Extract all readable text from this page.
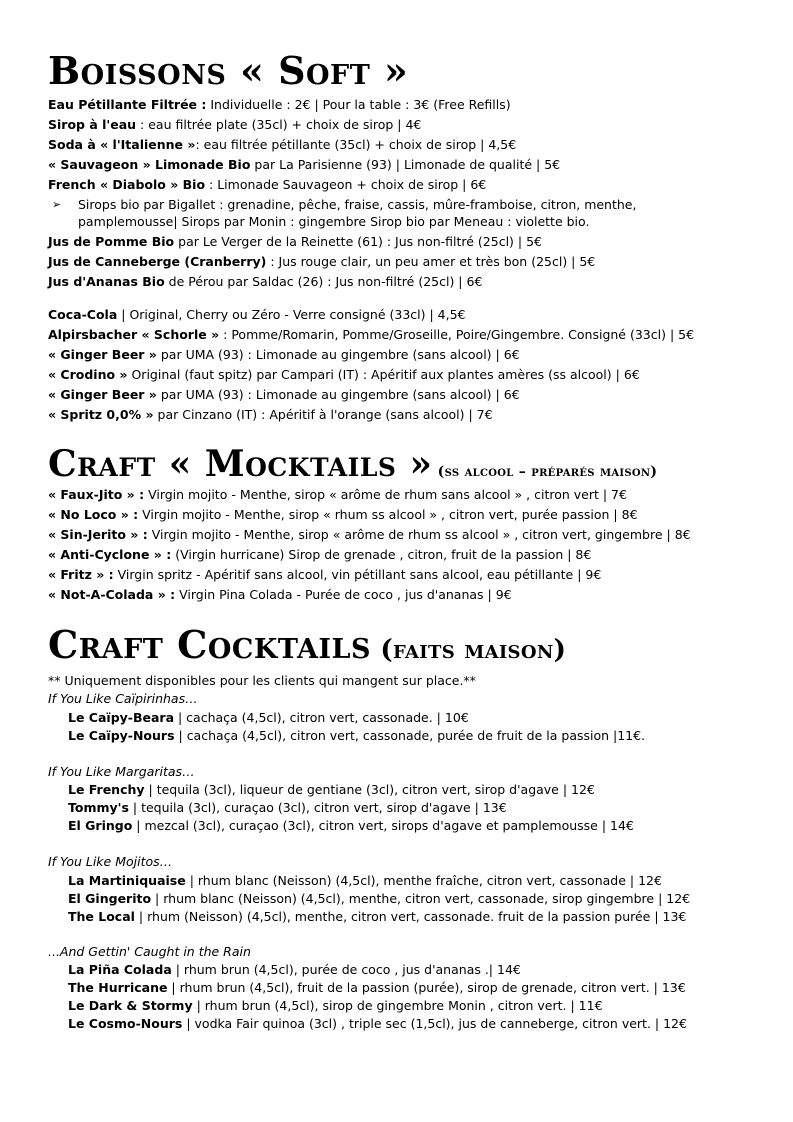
Boissons « Soft »
Eau Pétillante Filtrée : Individuelle : 2€ | Pour la table : 3€ (Free Refills)
Sirop à l'eau : eau filtrée plate (35cl) + choix de sirop | 4€
Soda à « l'Italienne »: eau filtrée pétillante (35cl) + choix de sirop | 4,5€
« Sauvageon » Limonade Bio par La Parisienne (93) | Limonade de qualité | 5€
French « Diabolo » Bio : Limonade Sauvageon + choix de sirop | 6€
➢ Sirops bio par Bigallet : grenadine, pêche, fraise, cassis, mûre-framboise, citron, menthe,
pamplemousse| Sirops par Monin : gingembre Sirop bio par Meneau : violette bio.
Jus de Pomme Bio par Le Verger de la Reinette (61) : Jus non-filtré (25cl) | 5€
Jus de Canneberge (Cranberry) : Jus rouge clair, un peu amer et très bon (25cl) | 5€
Jus d'Ananas Bio de Pérou par Saldac (26) : Jus non-filtré (25cl) | 6€
Coca-Cola | Original, Cherry ou Zéro - Verre consigné (33cl) | 4,5€
Alpirsbacher « Schorle » : Pomme/Romarin, Pomme/Groseille, Poire/Gingembre. Consigné (33cl) | 5€
« Ginger Beer » par UMA (93) : Limonade au gingembre (sans alcool) | 6€
« Crodino » Original (faut spitz) par Campari (IT) : Apéritif aux plantes amères (ss alcool) | 6€
« Ginger Beer » par UMA (93) : Limonade au gingembre (sans alcool) | 6€
« Spritz 0,0% » par Cinzano (IT) : Apéritif à l'orange (sans alcool) | 7€
Craft « Mocktails » (ss alcool – préparés maison)
« Faux-Jito » : Virgin mojito - Menthe, sirop « arôme de rhum sans alcool » , citron vert | 7€
« No Loco » : Virgin mojito - Menthe, sirop « rhum ss alcool » , citron vert, purée passion | 8€
« Sin-Jerito » : Virgin mojito - Menthe, sirop « arôme de rhum ss alcool » , citron vert, gingembre | 8€
« Anti-Cyclone » : (Virgin hurricane) Sirop de grenade , citron, fruit de la passion | 8€
« Fritz » : Virgin spritz - Apéritif sans alcool, vin pétillant sans alcool, eau pétillante | 9€
« Not-A-Colada » : Virgin Pina Colada - Purée de coco , jus d'ananas | 9€
Craft Cocktails (faits maison)
** Uniquement disponibles pour les clients qui mangent sur place.**
If You Like Caïpirinhas…
Le Caïpy-Beara | cachaça (4,5cl), citron vert, cassonade. | 10€
Le Caïpy-Nours | cachaça (4,5cl), citron vert, cassonade, purée de fruit de la passion |11€.
If You Like Margaritas…
Le Frenchy | tequila (3cl), liqueur de gentiane (3cl), citron vert, sirop d'agave | 12€
Tommy's | tequila (3cl), curaçao (3cl), citron vert, sirop d'agave | 13€
El Gringo | mezcal (3cl), curaçao (3cl), citron vert, sirops d'agave et pamplemousse | 14€
If You Like Mojitos…
La Martiniquaise | rhum blanc (Neisson) (4,5cl), menthe fraîche, citron vert, cassonade | 12€
El Gingerito | rhum blanc (Neisson) (4,5cl), menthe, citron vert, cassonade, sirop gingembre | 12€
The Local | rhum (Neisson) (4,5cl), menthe, citron vert, cassonade. fruit de la passion purée | 13€
...And Gettin' Caught in the Rain
La Piña Colada | rhum brun (4,5cl), purée de coco , jus d'ananas .| 14€
The Hurricane | rhum brun (4,5cl), fruit de la passion (purée), sirop de grenade, citron vert. | 13€
Le Dark & Stormy | rhum brun (4,5cl), sirop de gingembre Monin , citron vert. | 11€
Le Cosmo-Nours | vodka Fair quinoa (3cl) , triple sec (1,5cl), jus de canneberge, citron vert. | 12€
